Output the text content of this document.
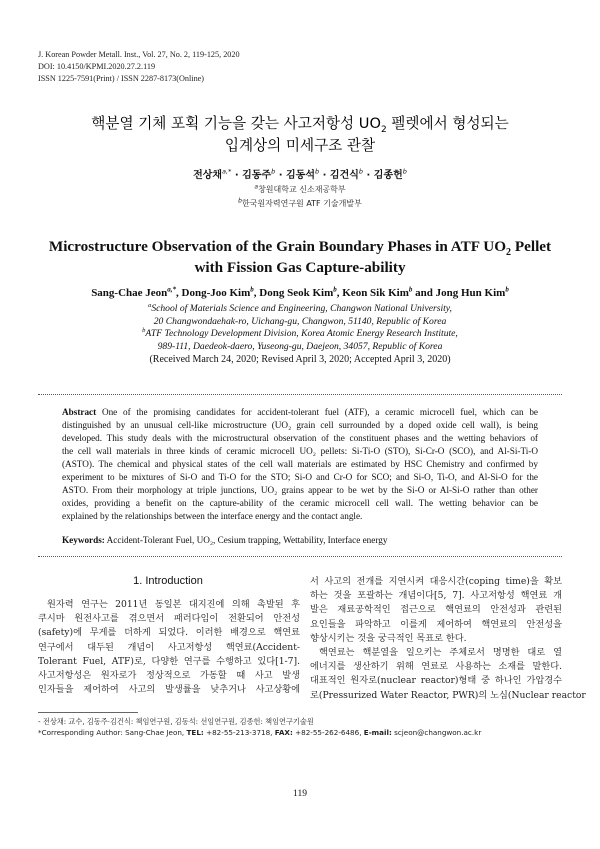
J. Korean Powder Metall. Inst., Vol. 27, No. 2, 119-125, 2020
DOI: 10.4150/KPMI.2020.27.2.119
ISSN 1225-7591(Print) / ISSN 2287-8173(Online)
핵분열 기체 포획 기능을 갖는 사고저항성 $UO_2$ 펠렛에서 형성되는
입계상의 미세구조 관찰
전상채$^{a,*}$ · 김동주$^b$ · 김동석$^b$ · 김건식$^b$ · 김종헌$^b$
$^a$창원대학교 신소재공학부
$^b$한국원자력연구원 ATF 기술개발부
Microstructure Observation of the Grain Boundary Phases in ATF $UO_2$ Pellet
with Fission Gas Capture-ability
Sang-Chae Jeon$^{a,*}$, Dong-Joo Kim$^b$, Dong Seok Kim$^b$, Keon Sik Kim$^b$ and Jong Hun Kim$^b$
$^a$School of Materials Science and Engineering, Changwon National University,
20 Changwondaehak-ro, Uichang-gu, Changwon, 51140, Republic of Korea
$^b$ATF Technology Development Division, Korea Atomic Energy Research Institute,
989-111, Daedeok-daero, Yuseong-gu, Daejeon, 34057, Republic of Korea
(Received March 24, 2020; Revised April 3, 2020; Accepted April 3, 2020)
Abstract One of the promising candidates for accident-tolerant fuel (ATF), a ceramic microcell fuel, which can be
distinguished by an unusual cell-like microstructure (UO₂ grain cell surrounded by a doped oxide cell wall), is being
developed. This study deals with the microstructural observation of the constituent phases and the wetting behaviors of
the cell wall materials in three kinds of ceramic microcell UO₂ pellets: Si-Ti-O (STO), Si-Cr-O (SCO), and Al-Si-Ti-O
(ASTO). The chemical and physical states of the cell wall materials are estimated by HSC Chemistry and confirmed by
experiment to be mixtures of Si-O and Ti-O for the STO; Si-O and Cr-O for SCO; and Si-O, Ti-O, and Al-Si-O for the
ASTO. From their morphology at triple junctions, UO₂ grains appear to be wet by the Si-O or Al-Si-O rather than other
oxides, providing a benefit on the capture-ability of the ceramic microcell cell wall. The wetting behavior can be
explained by the relationships between the interface energy and the contact angle.
Keywords: Accident-Tolerant Fuel, UO₂, Cesium trapping, Wettability, Interface energy
1. Introduction
원자력 연구는 2011년 동일본 대지진에 의해 촉발된 후
쿠시마 원전사고를 겪으면서 패러다임이 전환되어 안전성
(safety)에 무게를 더하게 되었다. 이러한 배경으로 핵연료
연구에서 대두된 개념이 사고저항성 핵연료(Accident-
Tolerant Fuel, ATF)로, 다양한 연구를 수행하고 있다[1-7].
사고저항성은 원자로가 정상적으로 가동할 때 사고 발생
인자들을 제어하여 사고의 발생률을 낮추거나 사고상황에
서 사고의 전개를 지연시켜 대응시간(coping time)을 확보
하는 것을 포괄하는 개념이다[5, 7]. 사고저항성 핵연료 개
발은 재료공학적인 접근으로 핵연료의 안전성과 관련된
요인들을 파악하고 이를게 제어하여 핵연료의 안전성을
향상시키는 것을 궁극적인 목표로 한다.
핵연료는 핵분열을 일으키는 주체로서 명명한 대로 열
에너지를 생산하기 위해 연료로 사용하는 소재를 말한다.
대표적인 원자로(nuclear reactor)형태 중 하나인 가압경수
로(Pressurized Water Reactor, PWR)의 노심(Nuclear reactor
- 전상채: 교수, 김동주·김건식: 책임연구원, 김동석: 선임연구원, 김종헌: 책임연구기술원
*Corresponding Author: Sang-Chae Jeon, TEL: +82-55-213-3718, FAX: +82-55-262-6486, E-mail: scjeon@changwon.ac.kr
119
